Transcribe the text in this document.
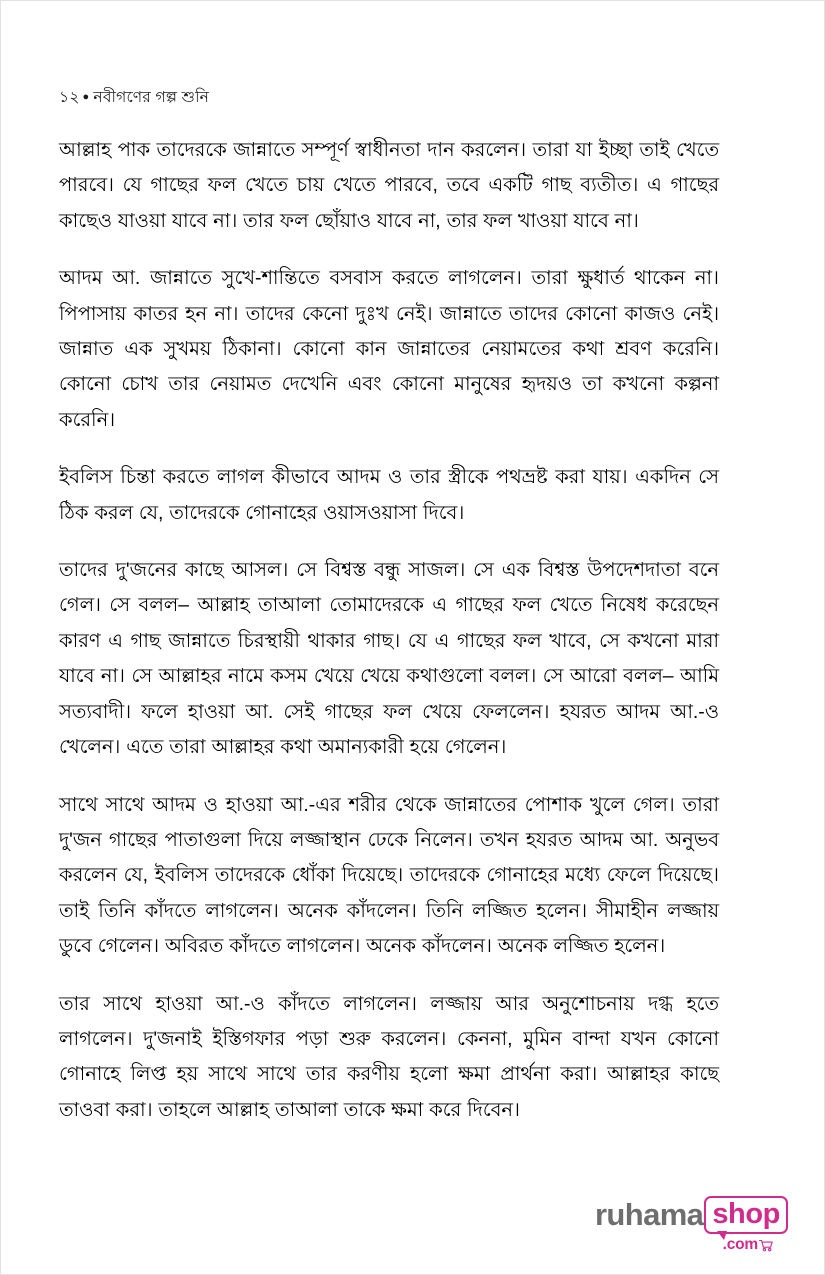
১২ ● নবীগণের গল্প শুনি

আল্লাহ পাক তাদেরকে জান্নাতে সম্পূর্ণ স্বাধীনতা দান করলেন। তারা যা ইচ্ছা তাই খেতে পারবে। যে গাছের ফল খেতে চায় খেতে পারবে, তবে একটি গাছ ব্যতীত। এ গাছের কাছেও যাওয়া যাবে না। তার ফল ছোঁয়াও যাবে না, তার ফল খাওয়া যাবে না।

আদম আ. জান্নাতে সুখে-শান্তিতে বসবাস করতে লাগলেন। তারা ক্ষুধার্ত থাকেন না। পিপাসায় কাতর হন না। তাদের কেনো দুঃখ নেই। জান্নাতে তাদের কোনো কাজও নেই। জান্নাত এক সুখময় ঠিকানা। কোনো কান জান্নাতের নেয়ামতের কথা শ্রবণ করেনি। কোনো চোখ তার নেয়ামত দেখেনি এবং কোনো মানুষের হৃদয়ও তা কখনো কল্পনা করেনি।

ইবলিস চিন্তা করতে লাগল কীভাবে আদম ও তার স্ত্রীকে পথভ্রষ্ট করা যায়। একদিন সে ঠিক করল যে, তাদেরকে গোনাহের ওয়াসওয়াসা দিবে।

তাদের দু'জনের কাছে আসল। সে বিশ্বস্ত বন্ধু সাজল। সে এক বিশ্বস্ত উপদেশদাতা বনে গেল। সে বলল– আল্লাহ তাআলা তোমাদেরকে এ গাছের ফল খেতে নিষেধ করেছেন কারণ এ গাছ জান্নাতে চিরস্থায়ী থাকার গাছ। যে এ গাছের ফল খাবে, সে কখনো মারা যাবে না। সে আল্লাহর নামে কসম খেয়ে খেয়ে কথাগুলো বলল। সে আরো বলল– আমি সত্যবাদী। ফলে হাওয়া আ. সেই গাছের ফল খেয়ে ফেললেন। হযরত আদম আ.-ও খেলেন। এতে তারা আল্লাহর কথা অমান্যকারী হয়ে গেলেন।

সাথে সাথে আদম ও হাওয়া আ.-এর শরীর থেকে জান্নাতের পোশাক খুলে গেল। তারা দু'জন গাছের পাতাগুলা দিয়ে লজ্জাস্থান ঢেকে নিলেন। তখন হযরত আদম আ. অনুভব করলেন যে, ইবলিস তাদেরকে ধোঁকা দিয়েছে। তাদেরকে গোনাহের মধ্যে ফেলে দিয়েছে। তাই তিনি কাঁদতে লাগলেন। অনেক কাঁদলেন। তিনি লজ্জিত হলেন। সীমাহীন লজ্জায় ডুবে গেলেন। অবিরত কাঁদতে লাগলেন। অনেক কাঁদলেন। অনেক লজ্জিত হলেন।

তার সাথে হাওয়া আ.-ও কাঁদতে লাগলেন। লজ্জায় আর অনুশোচনায় দগ্ধ হতে লাগলেন। দু'জনাই ইস্তিগফার পড়া শুরু করলেন। কেননা, মুমিন বান্দা যখন কোনো গোনাহে লিপ্ত হয় সাথে সাথে তার করণীয় হলো ক্ষমা প্রার্থনা করা। আল্লাহর কাছে তাওবা করা। তাহলে আল্লাহ তাআলা তাকে ক্ষমা করে দিবেন।

ruhama shop
.com
